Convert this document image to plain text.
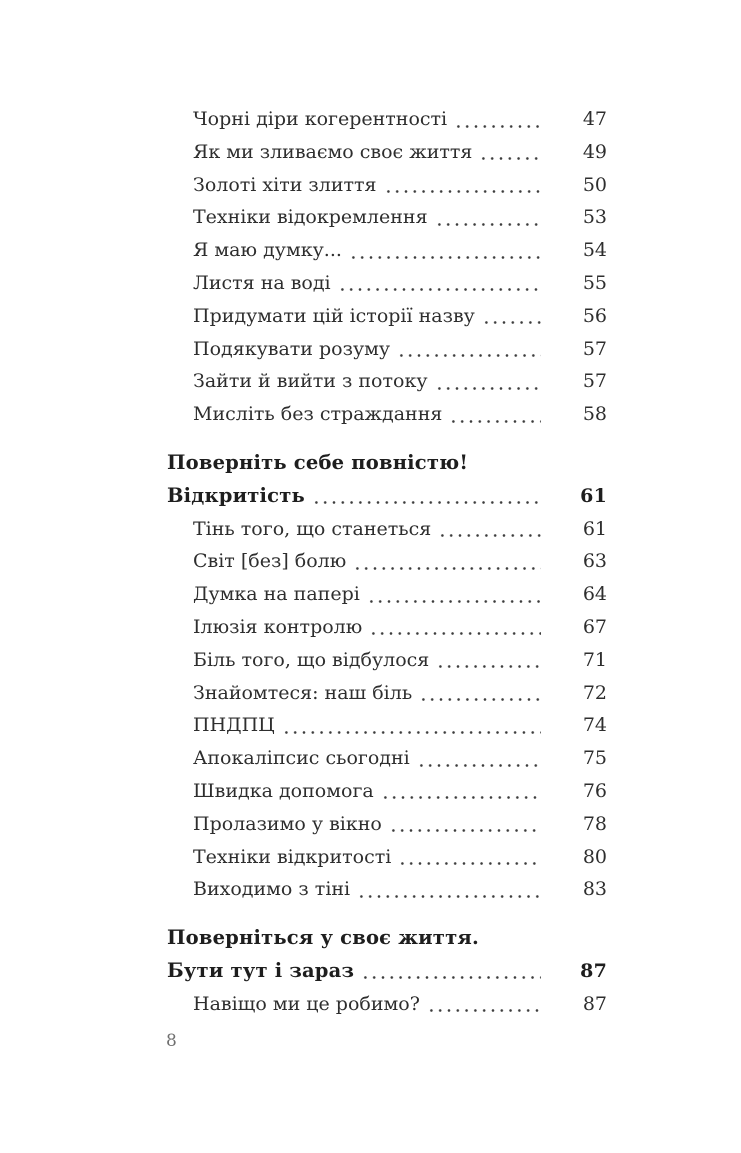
Чорні діри когерентності	47
Як ми зливаємо своє життя	49
Золоті хіти злиття	50
Техніки відокремлення	53
Я маю думку...	54
Листя на воді	55
Придумати цій історії назву	56
Подякувати розуму	57
Зайти й вийти з потоку	57
Мисліть без страждання	58
Поверніть себе повністю!
Відкритість	61
Тінь того, що станеться	61
Світ [без] болю	63
Думка на папері	64
Ілюзія контролю	67
Біль того, що відбулося	71
Знайомтеся: наш біль	72
ПНДПЦ	74
Апокаліпсис сьогодні	75
Швидка допомога	76
Пролазимо у вікно	78
Техніки відкритості	80
Виходимо з тіні	83
Поверніться у своє життя.
Бути тут і зараз	87
Навіщо ми це робимо?	87
8
